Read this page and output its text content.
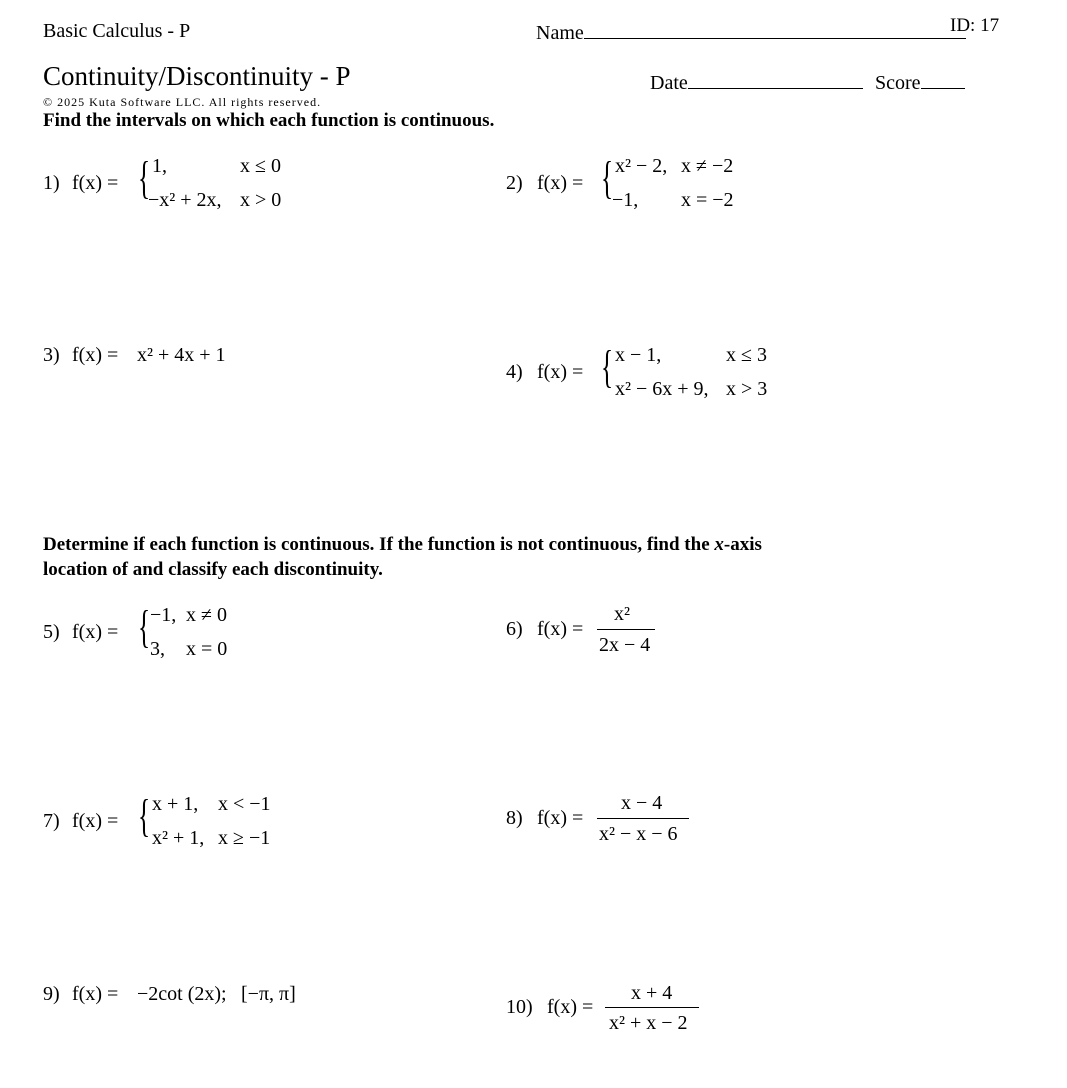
Basic Calculus - P	Name	ID: 17
Continuity/Discontinuity - P	Date	Score
© 2025 Kuta Software LLC. All rights reserved.
Find the intervals on which each function is continuous.
1) f(x) = { 1,	x ≤ 0
−x² + 2x, x > 0
2) f(x) = { x² − 2, x ≠ −2
−1, x = −2
3) f(x) = x² + 4x + 1
4) f(x) = { x − 1,	x ≤ 3
x² − 6x + 9, x > 3
Determine if each function is continuous. If the function is not continuous, find the x-axis
location of and classify each discontinuity.
5) f(x) = { −1, x ≠ 0
3, x = 0
6) f(x) =
x²
2x − 4
7) f(x) = { x + 1, x < −1
x² + 1, x ≥ −1
8) f(x) =
x − 4
x² − x − 6
9) f(x) = −2cot (2x); [−π, π]
10) f(x) =
x + 4
x² + x − 2
